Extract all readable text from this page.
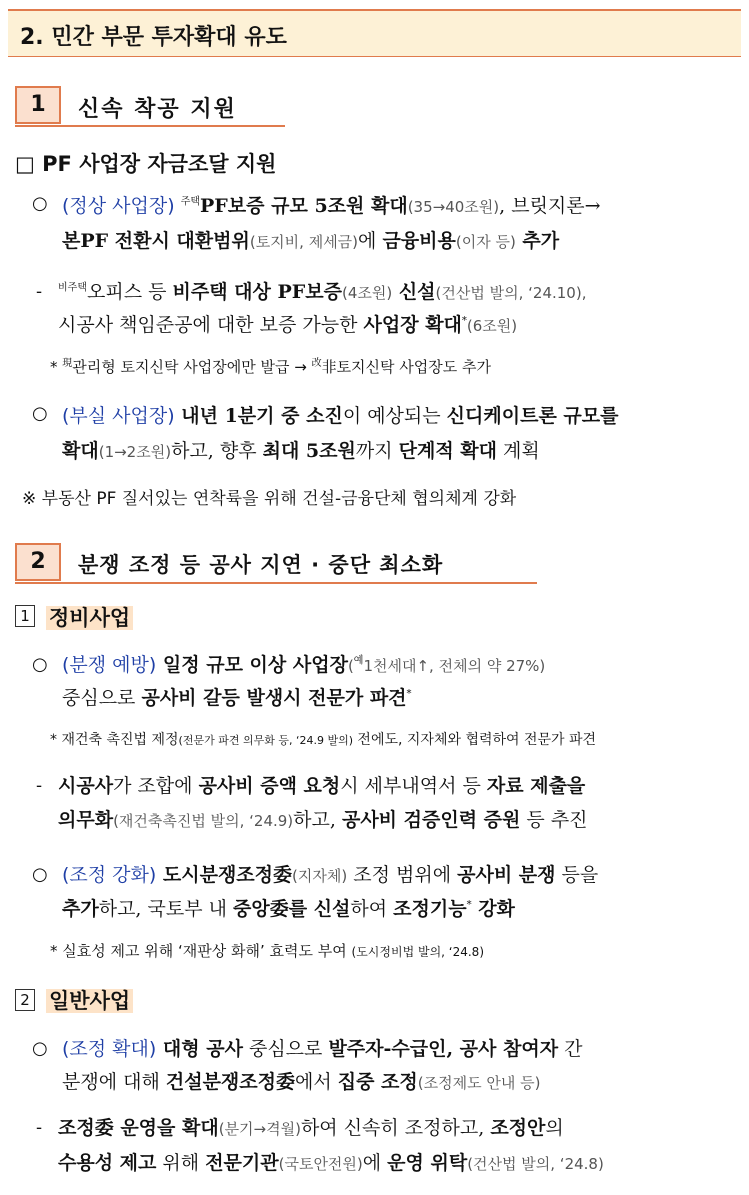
2. 민간 부문 투자확대 유도
1	신속 착공 지원
□ PF 사업장 자금조달 지원
○ (정상 사업장) $^{주택}$PF보증 규모 5조원 확대(35→40조원), 브릿지론→
본PF 전환시 대환범위(토지비, 제세금)에 금융비용(이자 등) 추가
- $^{비주택}$오피스 등 비주택 대상 PF보증(4조원) 신설(건산법 발의, ‘24.10),
시공사 책임준공에 대한 보증 가능한 사업장 확대*(6조원)
* $^現$관리형 토지신탁 사업장에만 발급 → $^改$非토지신탁 사업장도 추가
○ (부실 사업장) 내년 1분기 중 소진이 예상되는 신디케이트론 규모를
확대(1→2조원)하고, 향후 최대 5조원까지 단계적 확대 계획
※ 부동산 PF 질서있는 연착륙을 위해 건설-금융단체 협의체계 강화
2	분쟁 조정 등 공사 지연 · 중단 최소화
1 정비사업
○ (분쟁 예방) 일정 규모 이상 사업장($^예$1천세대↑, 전체의 약 27%)
중심으로 공사비 갈등 발생시 전문가 파견*
* 재건축 촉진법 제정(전문가 파견 의무화 등, ‘24.9 발의) 전에도, 지자체와 협력하여 전문가 파견
- 시공사가 조합에 공사비 증액 요청시 세부내역서 등 자료 제출을
의무화(재건축촉진법 발의, ‘24.9)하고, 공사비 검증인력 증원 등 추진
○ (조정 강화) 도시분쟁조정委(지자체) 조정 범위에 공사비 분쟁 등을
추가하고, 국토부 내 중앙委를 신설하여 조정기능* 강화
* 실효성 제고 위해 ‘재판상 화해’ 효력도 부여 (도시정비법 발의, ‘24.8)
2 일반사업
○ (조정 확대) 대형 공사 중심으로 발주자-수급인, 공사 참여자 간
분쟁에 대해 건설분쟁조정委에서 집중 조정(조정제도 안내 등)
- 조정委 운영을 확대(분기→격월)하여 신속히 조정하고, 조정안의
수용성 제고 위해 전문기관(국토안전원)에 운영 위탁(건산법 발의, ‘24.8)
